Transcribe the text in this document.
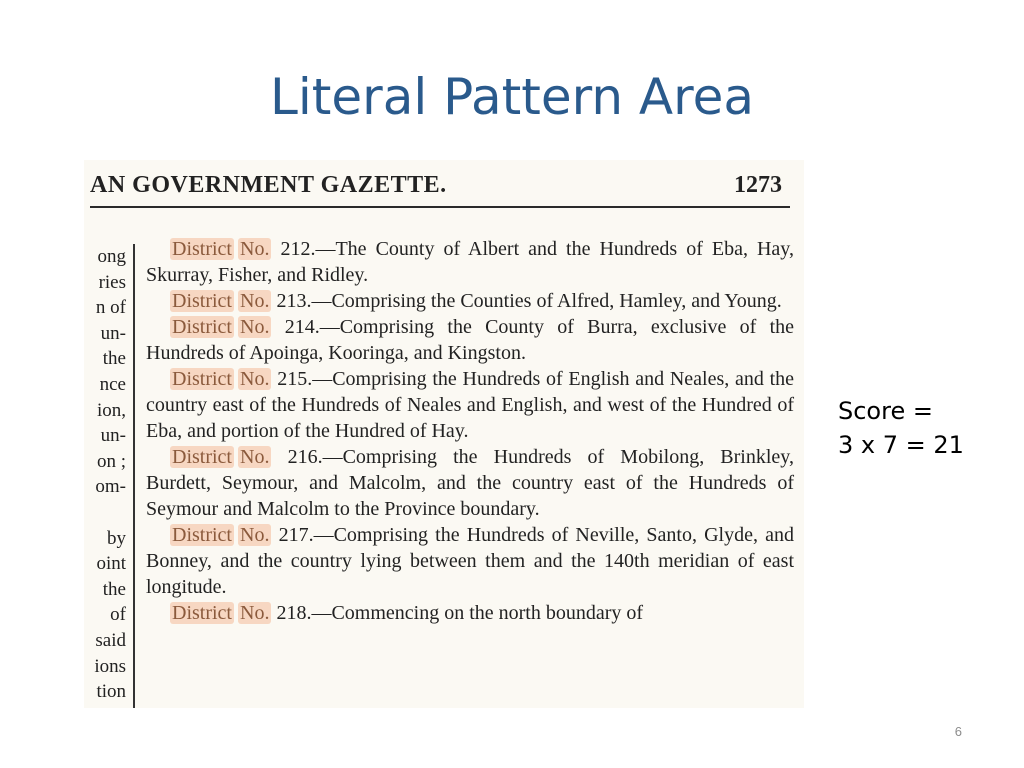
Literal Pattern Area
AN GOVERNMENT GAZETTE.	1273
ong
ries
n of
un-
the
nce
ion,
un-
on ;
om-

by
oint
the
of
said
ions
tion

District No. 212.—The County of Albert and the Hundreds of Eba, Hay, Skurray, Fisher, and Ridley.

District No. 213.—Comprising the Counties of Alfred, Hamley, and Young.

District No. 214.—Comprising the County of Burra, exclusive of the Hundreds of Apoinga, Kooringa, and Kingston.

District No. 215.—Comprising the Hundreds of English and Neales, and the country east of the Hundreds of Neales and English, and west of the Hundred of Eba, and portion of the Hundred of Hay.

District No. 216.—Comprising the Hundreds of Mobilong, Brinkley, Burdett, Seymour, and Malcolm, and the country east of the Hundreds of Seymour and Malcolm to the Province boundary.

District No. 217.—Comprising the Hundreds of Neville, Santo, Glyde, and Bonney, and the country lying between them and the 140th meridian of east longitude.

District No. 218.—Commencing on the north boundary of

Score =
3 x 7 = 21
6
